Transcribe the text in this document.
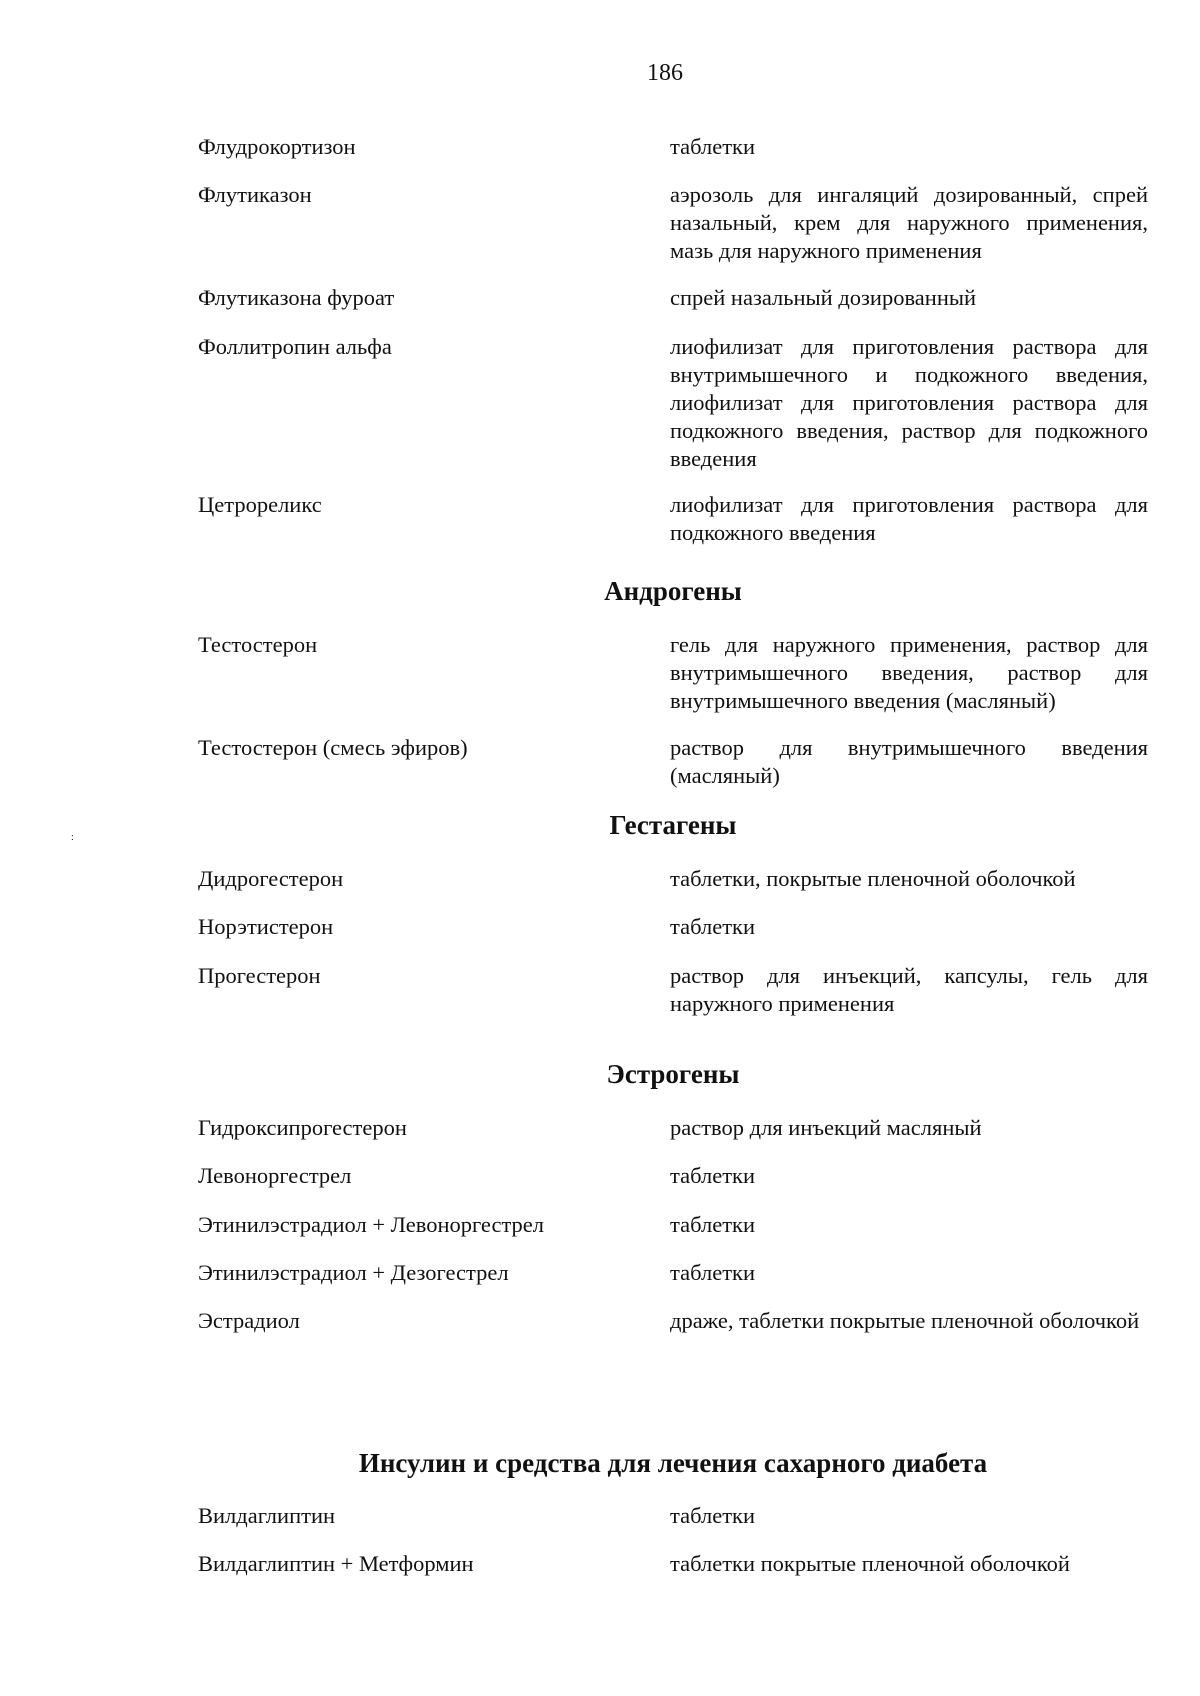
186
:
Флудрокортизон	таблетки
Флутиказон	аэрозоль для ингаляций дозированный, спрей назальный, крем для наружного применения, мазь для наружного применения
Флутиказона фуроат	спрей назальный дозированный
Фоллитропин альфа	лиофилизат для приготовления раствора для внутримышечного и подкожного введения, лиофилизат для приготовления раствора для подкожного введения, раствор для подкожного введения
Цетрореликс	лиофилизат для приготовления раствора для подкожного введения
Андрогены
Тестостерон	гель для наружного применения, раствор для внутримышечного введения, раствор для внутримышечного введения (масляный)
Тестостерон (смесь эфиров)	раствор для внутримышечного введения (масляный)
Гестагены
Дидрогестерон	таблетки, покрытые пленочной оболочкой
Норэтистерон	таблетки
Прогестерон	раствор для инъекций, капсулы, гель для наружного применения
Эстрогены
Гидроксипрогестерон	раствор для инъекций масляный
Левоноргестрел	таблетки
Этинилэстрадиол + Левоноргестрел	таблетки
Этинилэстрадиол + Дезогестрел	таблетки
Эстрадиол	драже, таблетки покрытые пленочной оболочкой
Инсулин и средства для лечения сахарного диабета
Вилдаглиптин	таблетки
Вилдаглиптин + Метформин	таблетки покрытые пленочной оболочкой
